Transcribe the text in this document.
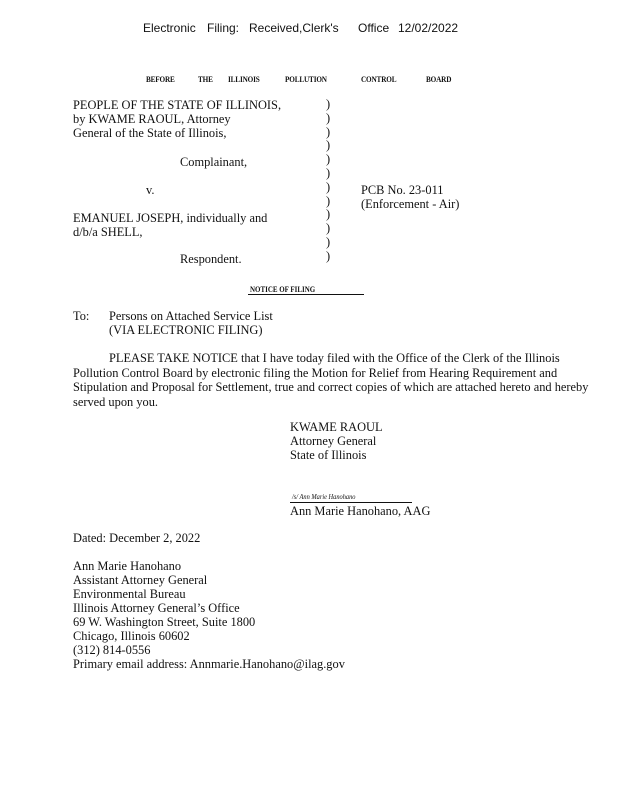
Electronic Filing: Received,Clerk's Office 12/02/2022
BEFORE	THE ILLINOIS	POLLUTION	CONTROL	BOARD
PEOPLE OF THE STATE OF ILLINOIS,
by KWAME RAOUL, Attorney
General of the State of Illinois,
Complainant,
v.
EMANUEL JOSEPH, individually and
d/b/a SHELL,
Respondent.
)
)
)
)
)
)
)
)
)
)
)
)
PCB No. 23-011
(Enforcement - Air)
NOTICE OF FILING
To: Persons on Attached Service List
(VIA ELECTRONIC FILING)
PLEASE TAKE NOTICE that I have today filed with the Office of the Clerk of the Illinois Pollution Control Board by electronic filing the Motion for Relief from Hearing Requirement and Stipulation and Proposal for Settlement, true and correct copies of which are attached hereto and hereby served upon you.
KWAME RAOUL
Attorney General
State of Illinois
/s/ Ann Marie Hanohano
Ann Marie Hanohano, AAG
Dated: December 2, 2022
Ann Marie Hanohano
Assistant Attorney General
Environmental Bureau
Illinois Attorney General’s Office
69 W. Washington Street, Suite 1800
Chicago, Illinois 60602
(312) 814-0556
Primary email address: Annmarie.Hanohano@ilag.gov
